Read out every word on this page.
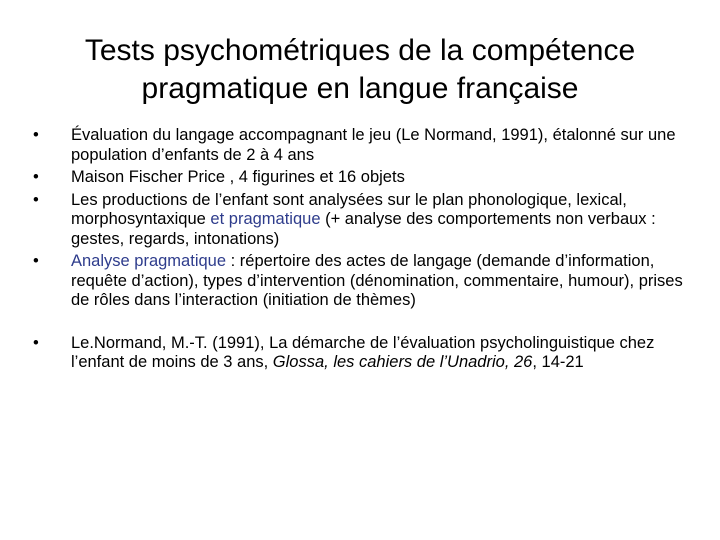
Tests psychométriques de la compétence
pragmatique en langue française
• Évaluation du langage accompagnant le jeu (Le Normand, 1991), étalonné sur une population d’enfants de 2 à 4 ans
• Maison Fischer Price , 4 figurines et 16 objets
• Les productions de l’enfant sont analysées sur le plan phonologique, lexical, morphosyntaxique et pragmatique (+ analyse des comportements non verbaux : gestes, regards, intonations)
• Analyse pragmatique : répertoire des actes de langage (demande d’information, requête d’action), types d’intervention (dénomination, commentaire, humour), prises de rôles dans l’interaction (initiation de thèmes)
• Le.Normand, M.-T. (1991), La démarche de l’évaluation psycholinguistique chez l’enfant de moins de 3 ans, Glossa, les cahiers de l’Unadrio, 26, 14-21
